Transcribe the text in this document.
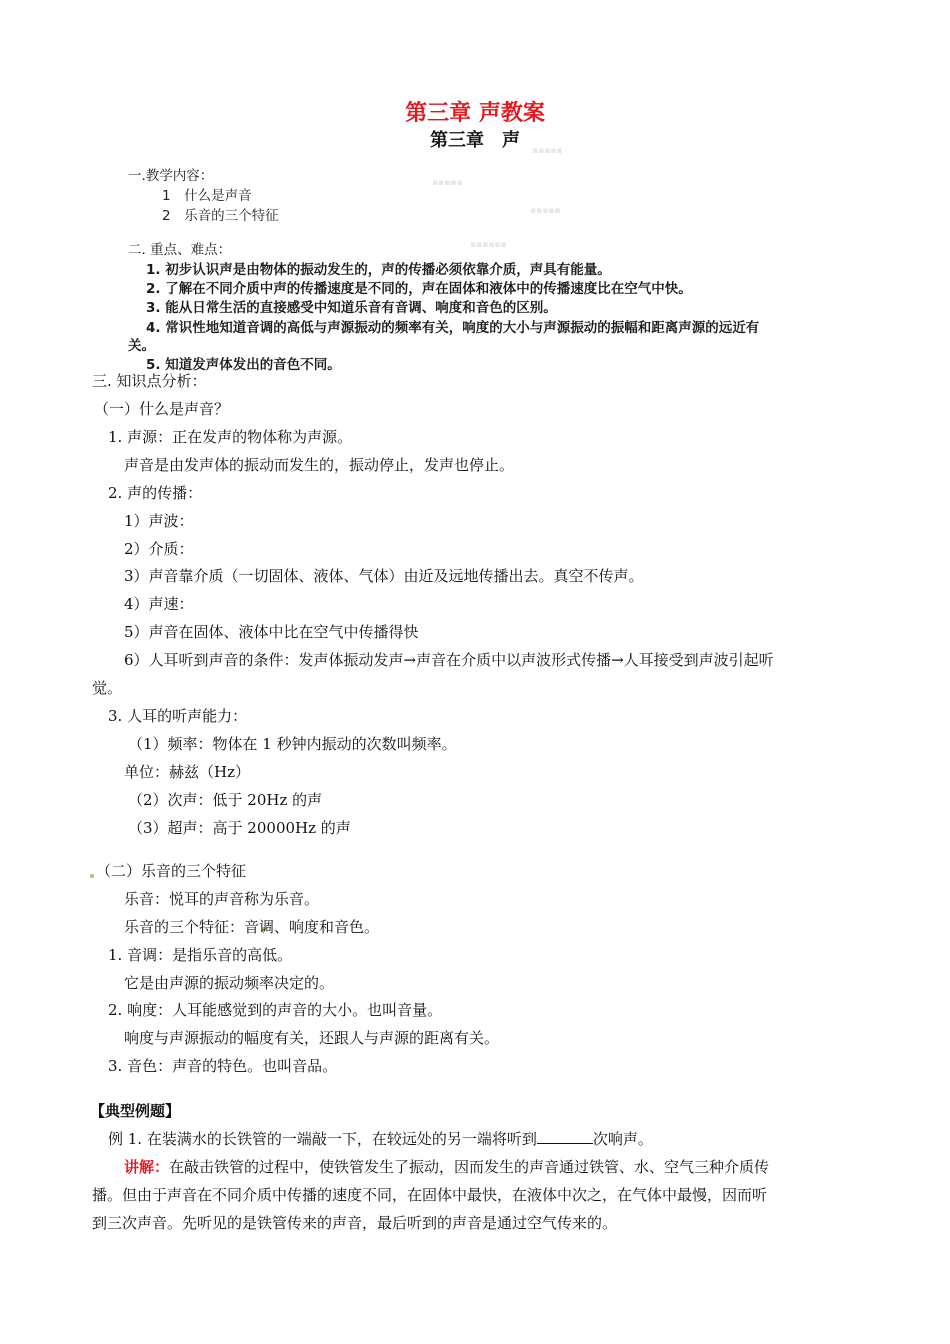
第三章 声教案
第三章　声	▪▪▪▪▪
▪▪▪▪▪
▪▪▪▪▪
▪▪▪▪▪▪
一.教学内容：
1　什么是声音
2　乐音的三个特征
二. 重点、难点：
1. 初步认识声是由物体的振动发生的，声的传播必须依靠介质，声具有能量。
2. 了解在不同介质中声的传播速度是不同的，声在固体和液体中的传播速度比在空气中快。
3. 能从日常生活的直接感受中知道乐音有音调、响度和音色的区别。
4. 常识性地知道音调的高低与声源振动的频率有关，响度的大小与声源振动的振幅和距离声源的远近有
关。
5. 知道发声体发出的音色不同。
三. 知识点分析：
（一）什么是声音？
1. 声源：正在发声的物体称为声源。
声音是由发声体的振动而发生的，振动停止，发声也停止。
2. 声的传播：
1）声波：
2）介质：
3）声音靠介质（一切固体、液体、气体）由近及远地传播出去。真空不传声。
4）声速：
5）声音在固体、液体中比在空气中传播得快
6）人耳听到声音的条件：发声体振动发声→声音在介质中以声波形式传播→人耳接受到声波引起听
觉。
3. 人耳的听声能力：
（1）频率：物体在 1 秒钟内振动的次数叫频率。
单位：赫兹（Hz）
（2）次声：低于 20Hz 的声
（3）超声：高于 20000Hz 的声
（二）乐音的三个特征
乐音：悦耳的声音称为乐音。
乐音的三个特征：音调、响度和音色。
1. 音调：是指乐音的高低。
它是由声源的振动频率决定的。
2. 响度：人耳能感觉到的声音的大小。也叫音量。
响度与声源振动的幅度有关，还跟人与声源的距离有关。
3. 音色：声音的特色。也叫音品。
【典型例题】
例 1. 在装满水的长铁管的一端敲一下，在较远处的另一端将听到	次响声。
讲解：在敲击铁管的过程中，使铁管发生了振动，因而发生的声音通过铁管、水、空气三种介质传
播。但由于声音在不同介质中传播的速度不同，在固体中最快，在液体中次之，在气体中最慢，因而听
到三次声音。先听见的是铁管传来的声音，最后听到的声音是通过空气传来的。
